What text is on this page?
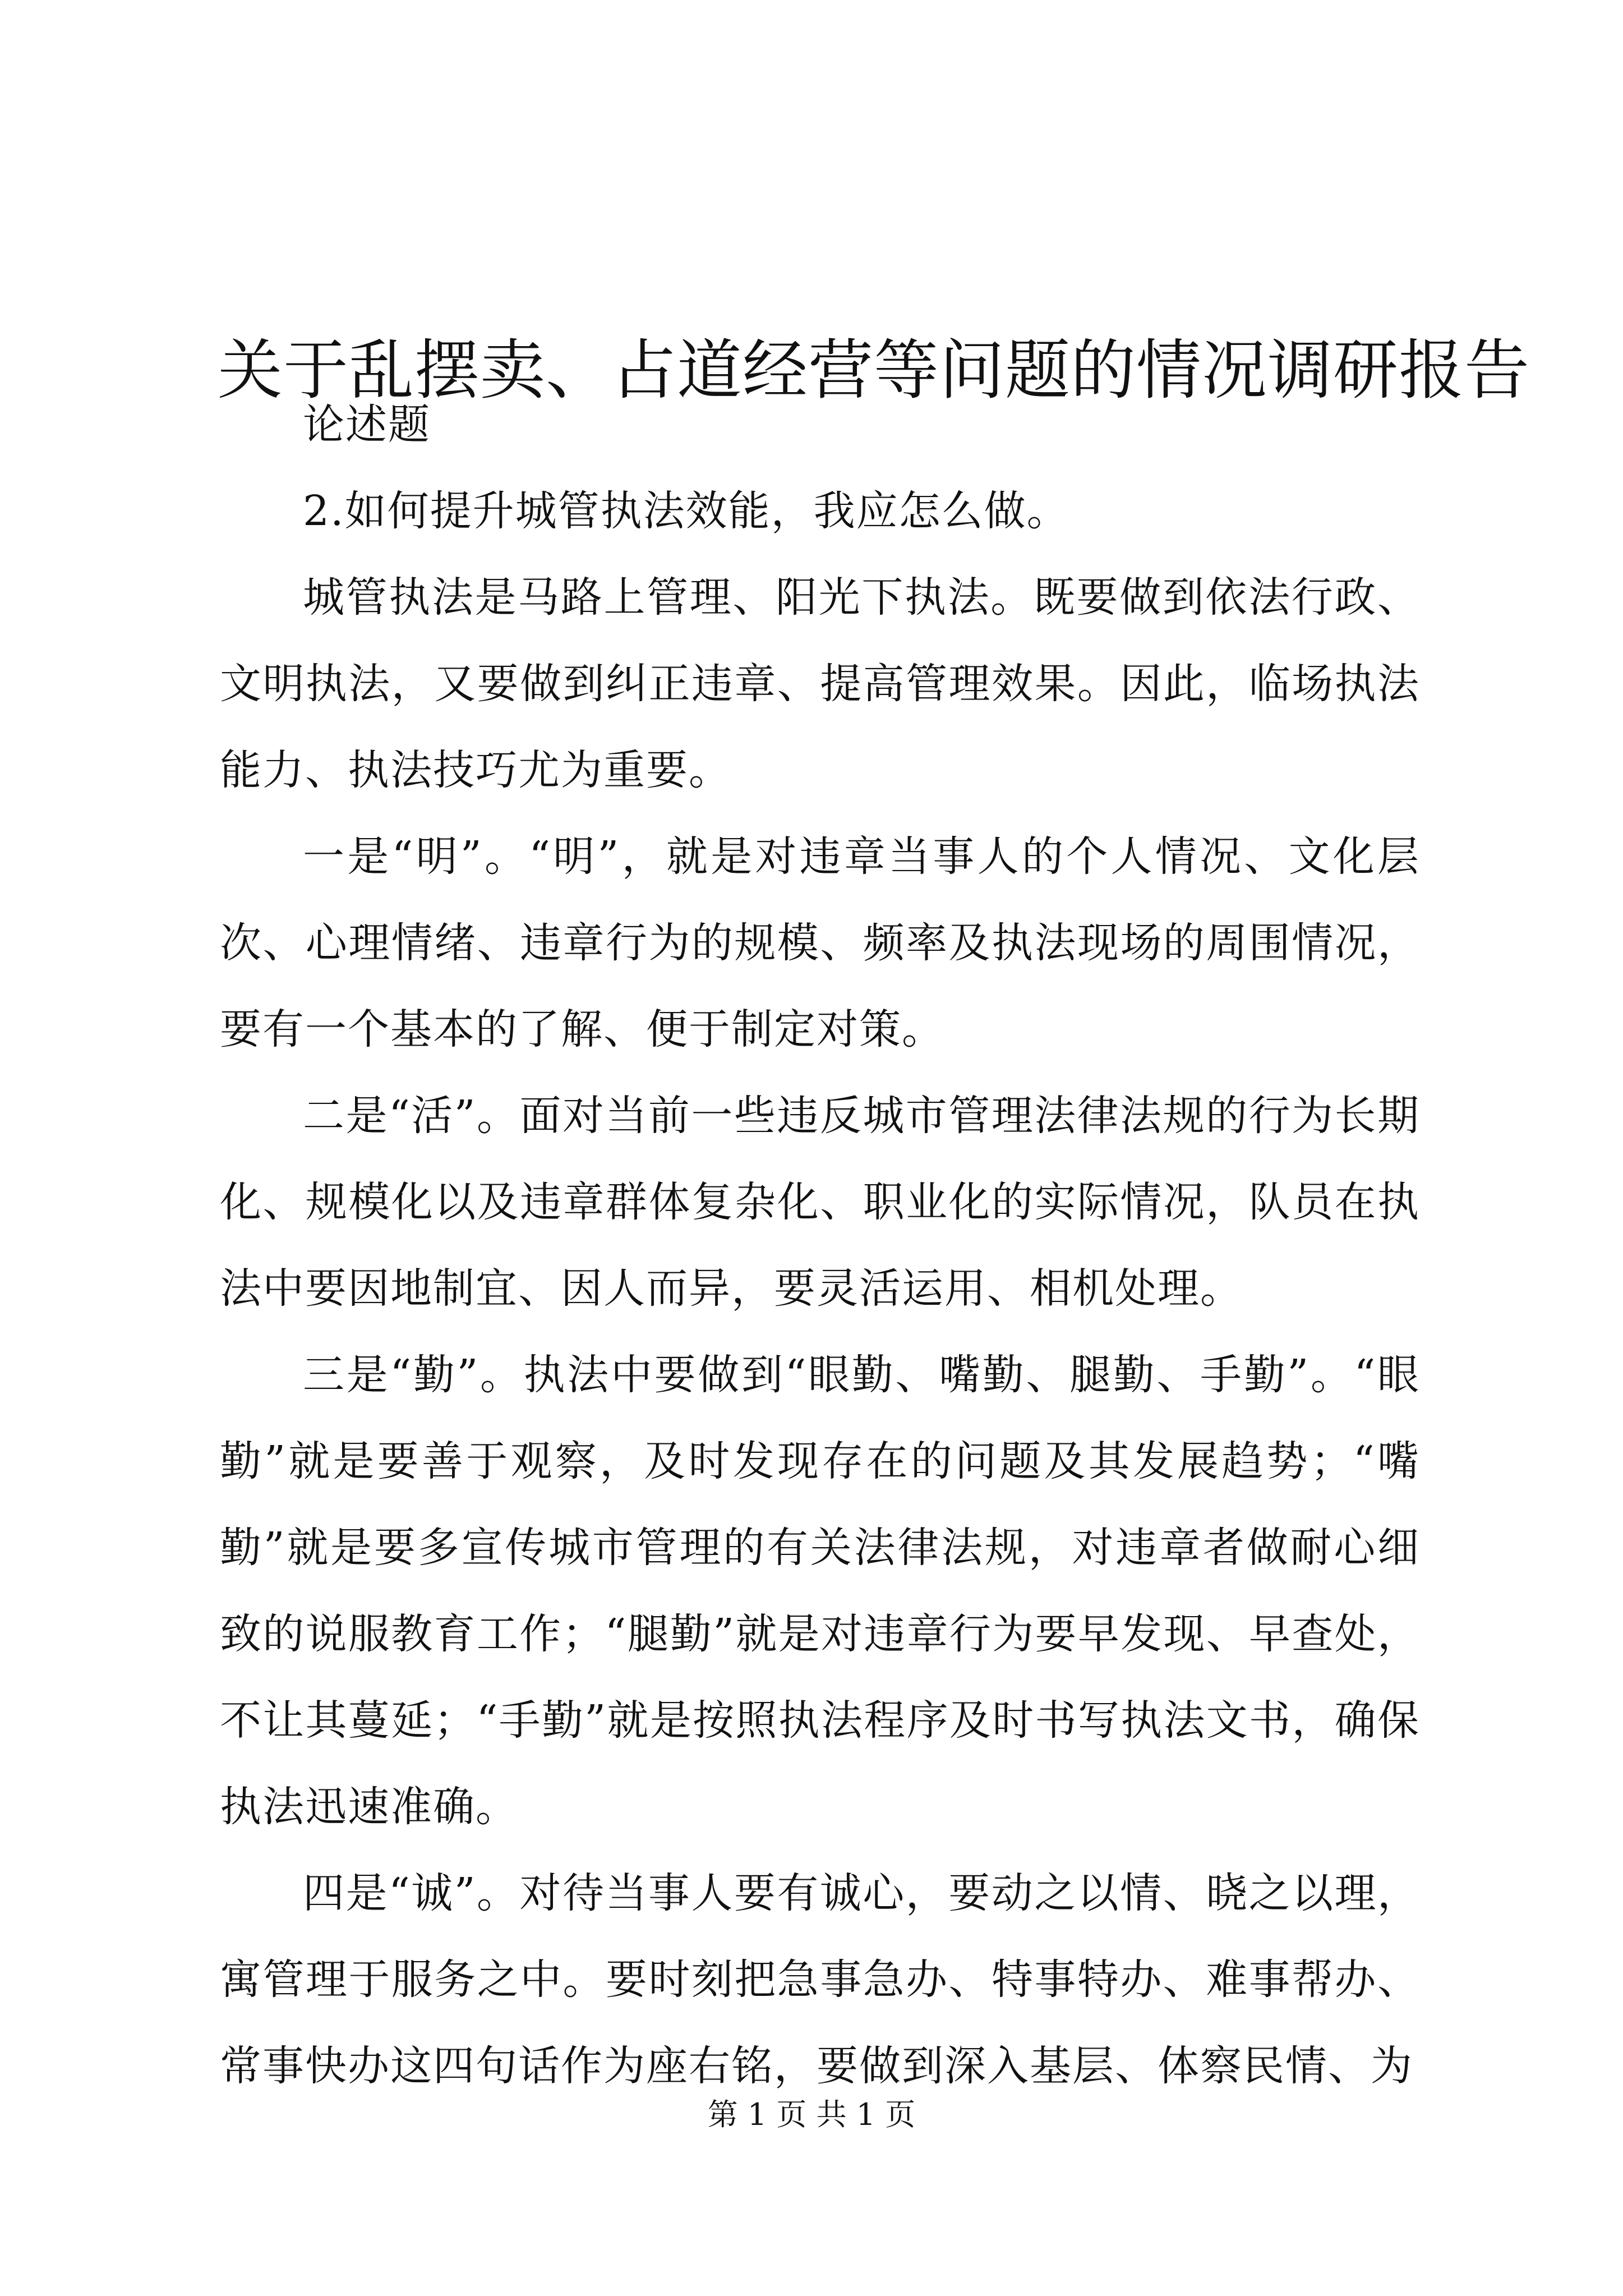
关于乱摆卖、占道经营等问题的情况调研报告

论述题

2.如何提升城管执法效能，我应怎么做。

城管执法是马路上管理、阳光下执法。既要做到依法行政、文明执法，又要做到纠正违章、提高管理效果。因此，临场执法能力、执法技巧尤为重要。

一是“明”。“明”，就是对违章当事人的个人情况、文化层次、心理情绪、违章行为的规模、频率及执法现场的周围情况，要有一个基本的了解、便于制定对策。

二是“活”。面对当前一些违反城市管理法律法规的行为长期化、规模化以及违章群体复杂化、职业化的实际情况，队员在执法中要因地制宜、因人而异，要灵活运用、相机处理。

三是“勤”。执法中要做到“眼勤、嘴勤、腿勤、手勤”。“眼勤”就是要善于观察，及时发现存在的问题及其发展趋势；“嘴勤”就是要多宣传城市管理的有关法律法规，对违章者做耐心细致的说服教育工作；“腿勤”就是对违章行为要早发现、早查处，不让其蔓延；“手勤”就是按照执法程序及时书写执法文书，确保执法迅速准确。

四是“诚”。对待当事人要有诚心，要动之以情、晓之以理，寓管理于服务之中。要时刻把急事急办、特事特办、难事帮办、常事快办这四句话作为座右铭，要做到深入基层、体察民情、为

第 1 页 共 1 页
